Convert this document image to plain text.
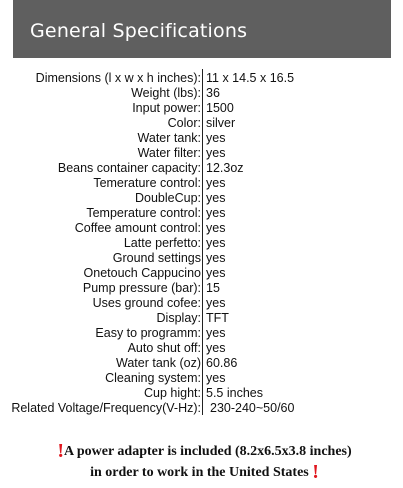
General Specifications
Dimensions (l x w x h inches): 11 x 14.5 x 16.5
Weight (lbs): 36
Input power: 1500
Color: silver
Water tank: yes
Water filter: yes
Beans container capacity: 12.3oz
Temerature control: yes
DoubleCup: yes
Temperature control: yes
Coffee amount control: yes
Latte perfetto: yes
Ground settings yes
Onetouch Cappucino yes
Pump pressure (bar): 15
Uses ground cofee: yes
Display: TFT
Easy to programm: yes
Auto shut off: yes
Water tank (oz) 60.86
Cleaning system: yes
Cup hight: 5.5 inches
Related Voltage/Frequency(V-Hz): 230-240~50/60
!A power adapter is included (8.2x6.5x3.8 inches)
in order to work in the United States !
